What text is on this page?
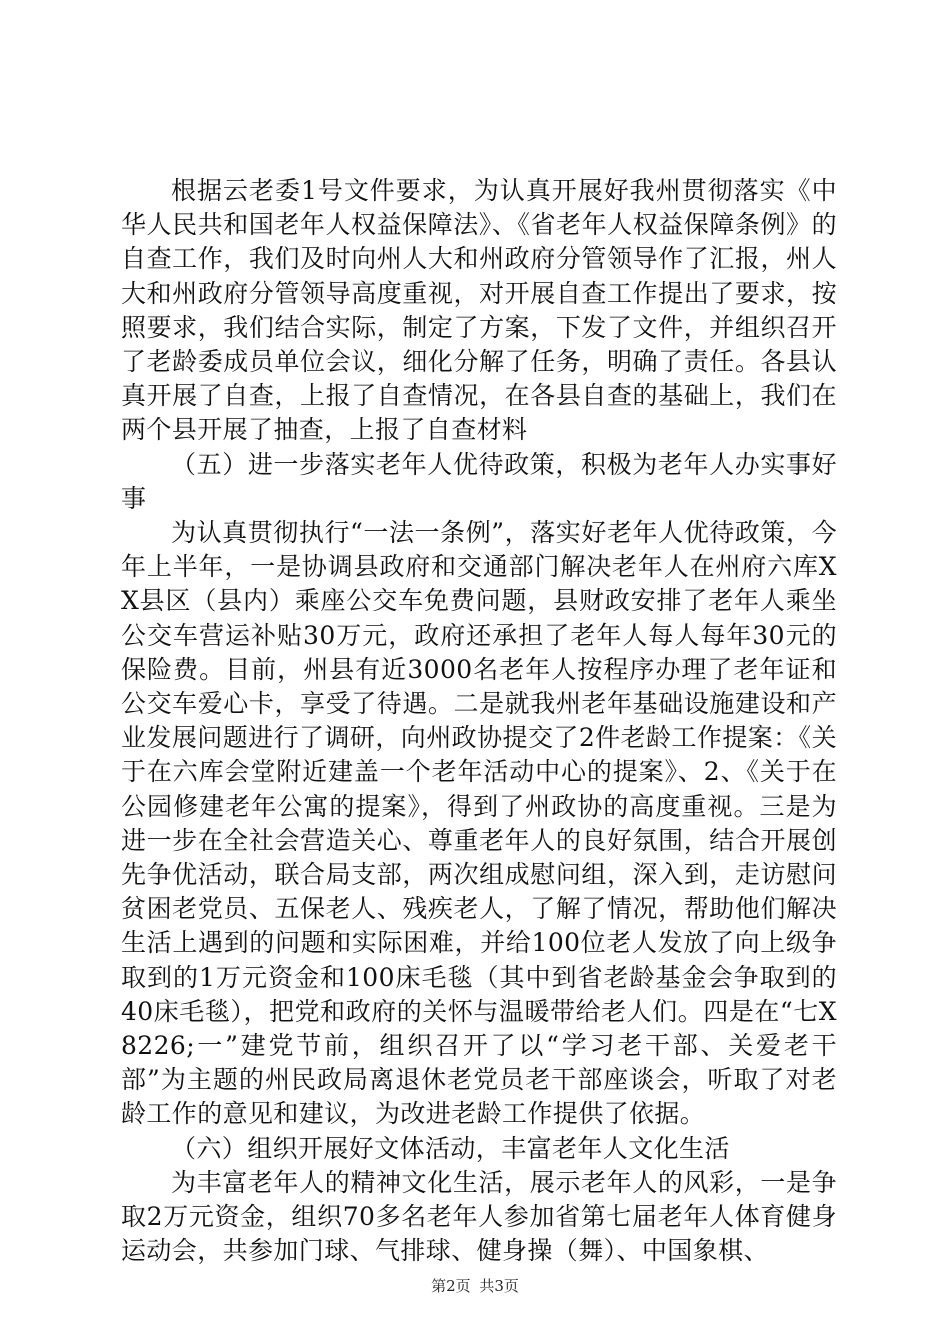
根据云老委1号文件要求，为认真开展好我州贯彻落实《中华人民共和国老年人权益保障法》、《省老年人权益保障条例》的自查工作，我们及时向州人大和州政府分管领导作了汇报，州人大和州政府分管领导高度重视，对开展自查工作提出了要求，按照要求，我们结合实际，制定了方案，下发了文件，并组织召开了老龄委成员单位会议，细化分解了任务，明确了责任。各县认真开展了自查，上报了自查情况，在各县自查的基础上，我们在两个县开展了抽查，上报了自查材料

（五）进一步落实老年人优待政策，积极为老年人办实事好事

为认真贯彻执行“一法一条例”，落实好老年人优待政策，今年上半年，一是协调县政府和交通部门解决老年人在州府六库XX县区（县内）乘座公交车免费问题，县财政安排了老年人乘坐公交车营运补贴30万元，政府还承担了老年人每人每年30元的保险费。目前，州县有近3000名老年人按程序办理了老年证和公交车爱心卡，享受了待遇。二是就我州老年基础设施建设和产业发展问题进行了调研，向州政协提交了2件老龄工作提案：《关于在六库会堂附近建盖一个老年活动中心的提案》、2、《关于在公园修建老年公寓的提案》，得到了州政协的高度重视。三是为进一步在全社会营造关心、尊重老年人的良好氛围，结合开展创先争优活动，联合局支部，两次组成慰问组，深入到，走访慰问贫困老党员、五保老人、残疾老人，了解了情况，帮助他们解决生活上遇到的问题和实际困难，并给100位老人发放了向上级争取到的1万元资金和100床毛毯（其中到省老龄基金会争取到的40床毛毯），把党和政府的关怀与温暖带给老人们。四是在“七X8226;一”建党节前，组织召开了以“学习老干部、关爱老干部”为主题的州民政局离退休老党员老干部座谈会，听取了对老龄工作的意见和建议，为改进老龄工作提供了依据。

（六）组织开展好文体活动，丰富老年人文化生活

为丰富老年人的精神文化生活，展示老年人的风彩，一是争取2万元资金，组织70多名老年人参加省第七届老年人体育健身运动会，共参加门球、气排球、健身操（舞）、中国象棋、

第2页 共3页
